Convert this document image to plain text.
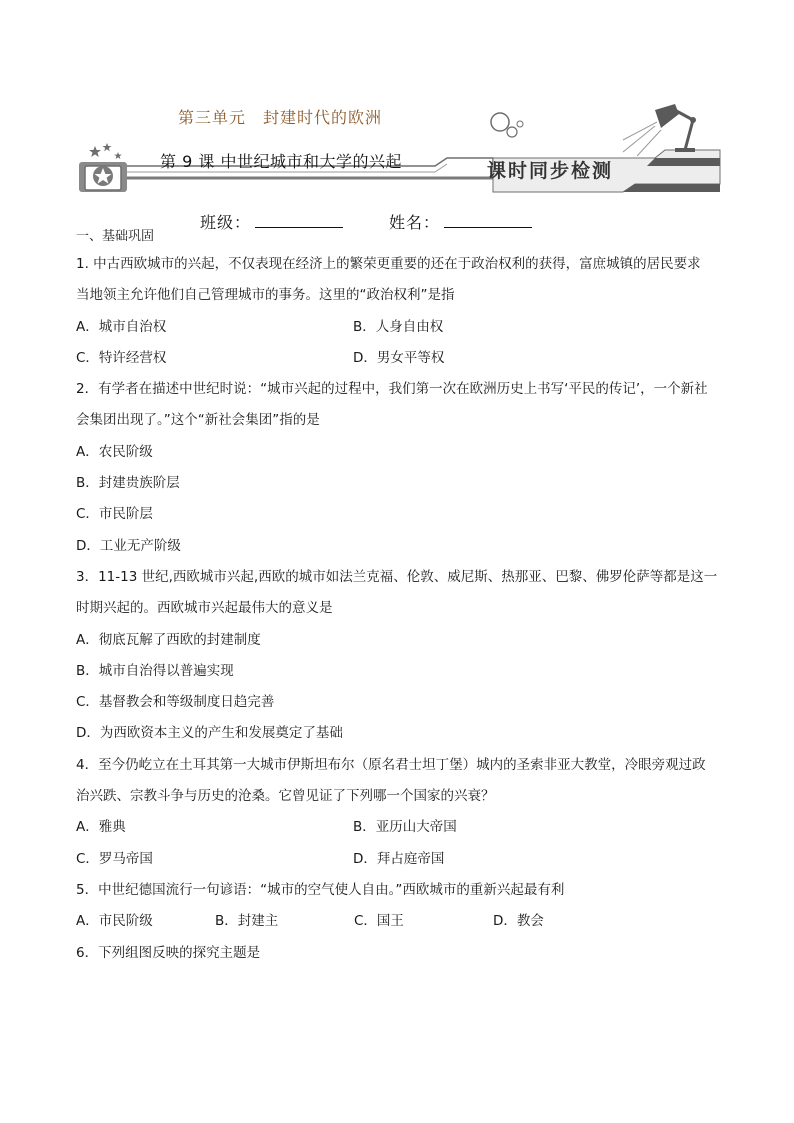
第三单元　封建时代的欧洲
第 9 课 中世纪城市和大学的兴起	课时同步检测
班级：	姓名：
一、基础巩固

1. 中古西欧城市的兴起，不仅表现在经济上的繁荣更重要的还在于政治权利的获得，富庶城镇的居民要求

当地领主允许他们自己管理城市的事务。这里的“政治权利”是指

A．城市自治权	B．人身自由权
C．特许经营权	D．男女平等权

2．有学者在描述中世纪时说：“城市兴起的过程中，我们第一次在欧洲历史上书写‘平民的传记’，一个新社

会集团出现了。”这个“新社会集团”指的是

A．农民阶级
B．封建贵族阶层
C．市民阶层
D．工业无产阶级

3．11-13 世纪,西欧城市兴起,西欧的城市如法兰克福、伦敦、威尼斯、热那亚、巴黎、佛罗伦萨等都是这一

时期兴起的。西欧城市兴起最伟大的意义是

A．彻底瓦解了西欧的封建制度
B．城市自治得以普遍实现
C．基督教会和等级制度日趋完善
D．为西欧资本主义的产生和发展奠定了基础

4．至今仍屹立在土耳其第一大城市伊斯坦布尔（原名君士坦丁堡）城内的圣索非亚大教堂，冷眼旁观过政

治兴跌、宗教斗争与历史的沧桑。它曾见证了下列哪一个国家的兴衰？

A．雅典	B．亚历山大帝国
C．罗马帝国	D．拜占庭帝国

5．中世纪德国流行一句谚语：“城市的空气使人自由。”西欧城市的重新兴起最有利

A．市民阶级	B．封建主	C．国王	D．教会

6．下列组图反映的探究主题是
